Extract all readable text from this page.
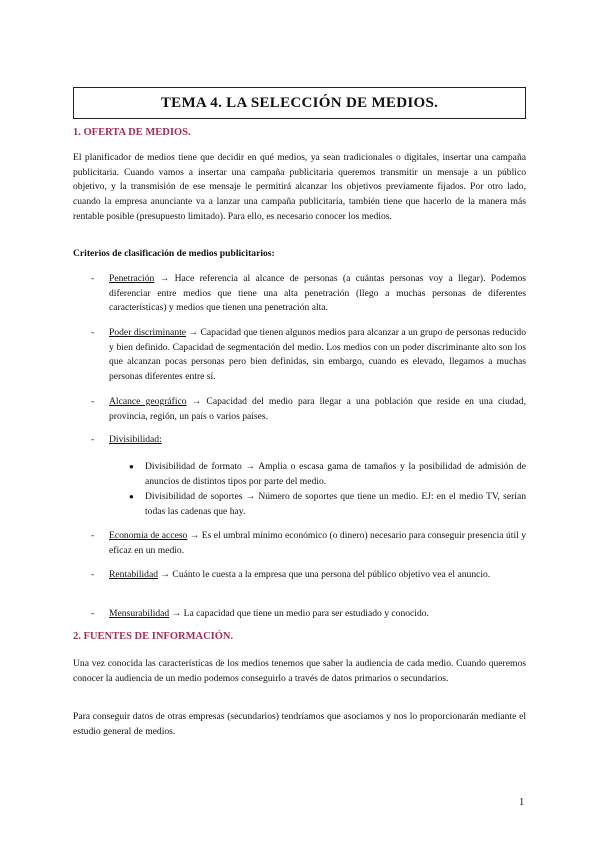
TEMA 4. LA SELECCIÓN DE MEDIOS.
1. OFERTA DE MEDIOS.

El planificador de medios tiene que decidir en qué medios, ya sean tradicionales o digitales, insertar una campaña publicitaria. Cuando vamos a insertar una campaña publicitaria queremos transmitir un mensaje a un público objetivo, y la transmisión de ese mensaje le permitirá alcanzar los objetivos previamente fijados. Por otro lado, cuando la empresa anunciante va a lanzar una campaña publicitaria, también tiene que hacerlo de la manera más rentable posible (presupuesto limitado). Para ello, es necesario conocer los medios.

Criterios de clasificación de medios publicitarios:

- Penetración → Hace referencia al alcance de personas (a cuántas personas voy a llegar). Podemos diferenciar entre medios que tiene una alta penetración (llego a muchas personas de diferentes características) y medios que tienen una penetración alta.
- Poder discriminante → Capacidad que tienen algunos medios para alcanzar a un grupo de personas reducido y bien definido. Capacidad de segmentación del medio. Los medios con un poder discriminante alto son los que alcanzan pocas personas pero bien definidas, sin embargo, cuando es elevado, llegamos a muchas personas diferentes entre sí.
- Alcance geográfico → Capacidad del medio para llegar a una población que reside en una ciudad, provincia, región, un país o varios países.
- Divisibilidad:
● Divisibilidad de formato → Amplia o escasa gama de tamaños y la posibilidad de admisión de anuncios de distintos tipos por parte del medio.
● Divisibilidad de soportes → Número de soportes que tiene un medio. EJ: en el medio TV, serían todas las cadenas que hay.
- Economía de acceso → Es el umbral mínimo económico (o dinero) necesario para conseguir presencia útil y eficaz en un medio.
- Rentabilidad → Cuánto le cuesta a la empresa que una persona del público objetivo vea el anuncio.
- Mensurabilidad → La capacidad que tiene un medio para ser estudiado y conocido.
2. FUENTES DE INFORMACIÓN.

Una vez conocida las características de los medios tenemos que saber la audiencia de cada medio. Cuando queremos conocer la audiencia de un medio podemos conseguirlo a través de datos primarios o secundarios.

Para conseguir datos de otras empresas (secundarios) tendríamos que asociamos y nos lo proporcionarán mediante el estudio general de medios.

1
